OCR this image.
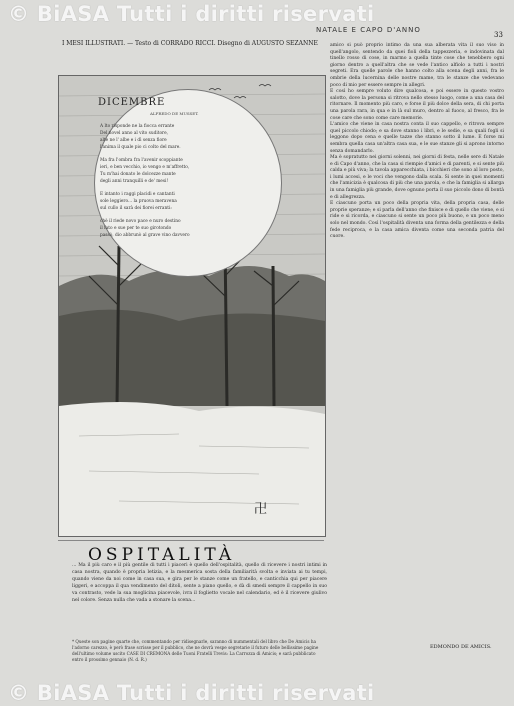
© BiASA Tutti i diritti riservati
NATALE E CAPO D'ANNO
33
I MESI ILLUSTRATI. — Testo di CORRADO RICCI. Disegno di AUGUSTO SEZANNE
DICEMBRE
ALFREDO DE MUSSET.
A lto risponde ne la fiocca errante
Del novel anno al vito suditore,
alte ne l' albe e i dì senza fiore
l'anima il quale pio ci colto del mare.
Ma fra l'ombra fra l'avenir scoppiante
ieri, e ben vecchio, io vengo e m'affretto,
Tu m'hai donato le dolcezze mante
degli anni tranquilli e de' mesi!
E intanto i raggi placidi e cantanti
sole leggiero... la pruova meravena
sul cullo il sarà dei fiorei erranti:
chè il riede novo pace e nuro destino
il fato e sue per te suo girotondo
passò, dio abbrunò al grave vino davvero
卍

amico si può proprio intimo da una sua alberata vita il suo viso in quell'angolo, sentendo da quei fioli della tappezzeria, e indovinata dal tinello rosso di cose, in marmo a quella tinte cose che tenebbero ogni giorno dentro a quell'altra che se vede l'antico alfiolo a tutti i nostri segreti. Era quelle parole che hanno colto alla scena degli anni, fra le ombrie della lucernina delle nostre mame, tra le stanze che vedevano poco di mio per essere sempre in allegri.

E così ho sempre voluto dire qualcosa, e poi essere in questo vostro salotto, dove la persona si ritrova nello stesso luogo, come a una casa del ritornare. Il momento più caro, e forse il più dolce della sera, di chi porta una parola rara, in qua e in là sul muro, dentro al fuoco, al fresco, fra le cose care che sono come care memorie.

L'amico che viene in casa nostra conta il suo cappello, e ritrova sempre quel piccolo chiodo; e sa dove stanno i libri, e le sedie, e sa quali fogli si leggono dopo cena e quelle tazze che stanno sotto il lume. E forse mi sembra quella casa un'altra casa sua, e le sue stanze gli si aprono intorno senza domandarlo.

Ma è sopratutto nei giorni solenni, nei giorni di festa, nelle sere di Natale e di Capo d'anno, che la casa si riempie d'amici e di parenti, e si sente più calda e più viva; la tavola apparecchiata, i bicchieri che sono al loro posto, i lumi accesi, e le voci che vengono dalla scala. Si sente in quei momenti che l'amicizia è qualcosa di più che una parola, e che la famiglia si allarga in una famiglia più grande, dove ognuno porta il suo piccolo dono di bontà e di allegrezza.

E ciascuno porta un poco della propria vita, della propria casa, delle proprie speranze; e si parla dell'anno che finisce e di quello che viene, e si ride e si ricorda, e ciascuno si sente un poco più buono, e un poco meno solo nel mondo. Così l'ospitalità diventa una forma della gentilezza e della fede reciproca, e la casa amica diventa come una seconda patria del cuore.

OSPITALITÀ
... Ma il più caro e il più gentile di tutti i piaceri è quello dell'ospitalità, quello di ricevere i nostri intimi in casa nostra, quando è propria letizia, e la mesmerica sosta della familiarità svolta e inviata ai tu tempi, quando viene da noi come in casa sua, e gira per le stanze come un fratello, e canticchia qui per piacere liggeri, e accoppa il qua vendimento del ditoli, sente a piano quello, e dà di smedi sempre il cappello in suo va contrasto, vede la sua moglicina piacevole, ivra il foglietto vocale nel calendario, ed è il ricevere giulivo nel colore. Senza nulla che vada a stonare la scena...
* Queste son pagine quarte che, commentando per ridisegnarle, saranno di nummentali del libro che De Amicis ha l'adorno carezzo, è però frase scrisse per il pubblico, che ne dovrà vespe segretarie il futuro delle bellissime pagine dell'ultimo volume uscito CASE DI CREMONA delle Tuoni Fratelli Trevis: La Carrozza di Amicis; e sarà pubblicato entro il prossimo gennaio (N. d. R.)
EDMONDO DE AMICIS.
© BiASA Tutti i diritti riservati
